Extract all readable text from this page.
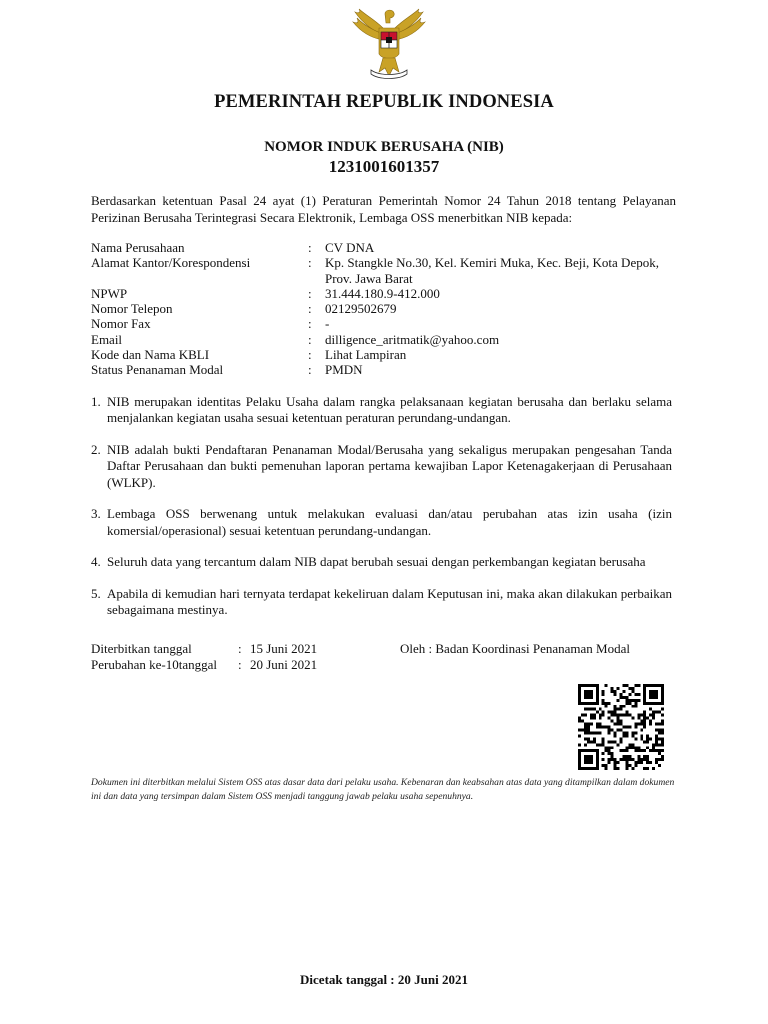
PEMERINTAH REPUBLIK INDONESIA
NOMOR INDUK BERUSAHA (NIB)
1231001601357
Berdasarkan ketentuan Pasal 24 ayat (1) Peraturan Pemerintah Nomor 24 Tahun 2018 tentang Pelayanan Perizinan Berusaha Terintegrasi Secara Elektronik, Lembaga OSS menerbitkan NIB kepada:
Nama Perusahaan	:	CV DNA
Alamat Kantor/Korespondensi	:	Kp. Stangkle No.30, Kel. Kemiri Muka, Kec. Beji, Kota Depok, Prov. Jawa Barat
NPWP	:	31.444.180.9-412.000
Nomor Telepon	:	02129502679
Nomor Fax	:	-
Email	:	dilligence_aritmatik@yahoo.com
Kode dan Nama KBLI	:	Lihat Lampiran
Status Penanaman Modal	:	PMDN
1. NIB merupakan identitas Pelaku Usaha dalam rangka pelaksanaan kegiatan berusaha dan berlaku selama menjalankan kegiatan usaha sesuai ketentuan peraturan perundang-undangan.
2. NIB adalah bukti Pendaftaran Penanaman Modal/Berusaha yang sekaligus merupakan pengesahan Tanda Daftar Perusahaan dan bukti pemenuhan laporan pertama kewajiban Lapor Ketenagakerjaan di Perusahaan (WLKP).
3. Lembaga OSS berwenang untuk melakukan evaluasi dan/atau perubahan atas izin usaha (izin komersial/operasional) sesuai ketentuan perundang-undangan.
4. Seluruh data yang tercantum dalam NIB dapat berubah sesuai dengan perkembangan kegiatan berusaha
5. Apabila di kemudian hari ternyata terdapat kekeliruan dalam Keputusan ini, maka akan dilakukan perbaikan sebagaimana mestinya.
Diterbitkan tanggal	: 15 Juni 2021
Perubahan ke-10tanggal	: 20 Juni 2021
Oleh : Badan Koordinasi Penanaman Modal
Dokumen ini diterbitkan melalui Sistem OSS atas dasar data dari pelaku usaha. Kebenaran dan keabsahan atas data yang ditampilkan dalam dokumen ini dan data yang tersimpan dalam Sistem OSS menjadi tanggung jawab pelaku usaha sepenuhnya.
Dicetak tanggal : 20 Juni 2021
